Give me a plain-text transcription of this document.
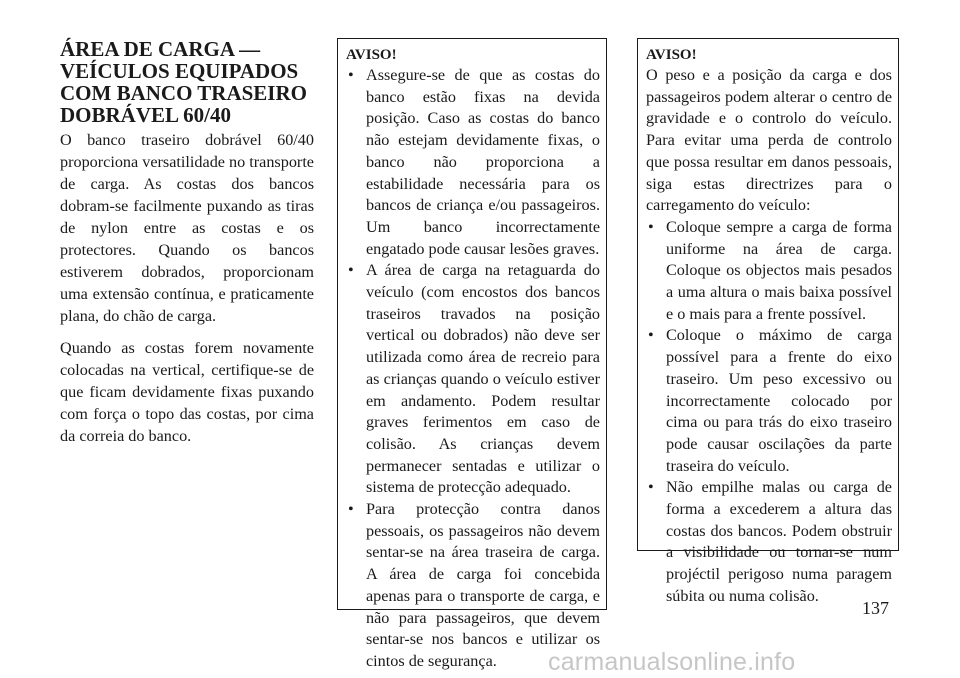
ÁREA DE CARGA — VEÍCULOS EQUIPADOS COM BANCO TRASEIRO DOBRÁVEL 60/40

O banco traseiro dobrável 60/40 proporciona versatilidade no transporte de carga. As costas dos bancos dobram-se facilmente puxando as tiras de nylon entre as costas e os protectores. Quando os bancos estiverem dobrados, proporcionam uma extensão contínua, e praticamente plana, do chão de carga.

Quando as costas forem novamente colocadas na vertical, certifique-se de que ficam devidamente fixas puxando com força o topo das costas, por cima da correia do banco.

AVISO!

• Assegure-se de que as costas do banco estão fixas na devida posição. Caso as costas do banco não estejam devidamente fixas, o banco não proporciona a estabilidade necessária para os bancos de criança e/ou passageiros. Um banco incorrectamente engatado pode causar lesões graves.
• A área de carga na retaguarda do veículo (com encostos dos bancos traseiros travados na posição vertical ou dobrados) não deve ser utilizada como área de recreio para as crianças quando o veículo estiver em andamento. Podem resultar graves ferimentos em caso de colisão. As crianças devem permanecer sentadas e utilizar o sistema de protecção adequado.
• Para protecção contra danos pessoais, os passageiros não devem sentar-se na área traseira de carga. A área de carga foi concebida apenas para o transporte de carga, e não para passageiros, que devem sentar-se nos bancos e utilizar os cintos de segurança.

AVISO!

O peso e a posição da carga e dos passageiros podem alterar o centro de gravidade e o controlo do veículo. Para evitar uma perda de controlo que possa resultar em danos pessoais, siga estas directrizes para o carregamento do veículo:

• Coloque sempre a carga de forma uniforme na área de carga. Coloque os objectos mais pesados a uma altura o mais baixa possível e o mais para a frente possível.
• Coloque o máximo de carga possível para a frente do eixo traseiro. Um peso excessivo ou incorrectamente colocado por cima ou para trás do eixo traseiro pode causar oscilações da parte traseira do veículo.
• Não empilhe malas ou carga de forma a excederem a altura das costas dos bancos. Podem obstruir a visibilidade ou tornar-se num projéctil perigoso numa paragem súbita ou numa colisão.

137

carmanualsonline.info
